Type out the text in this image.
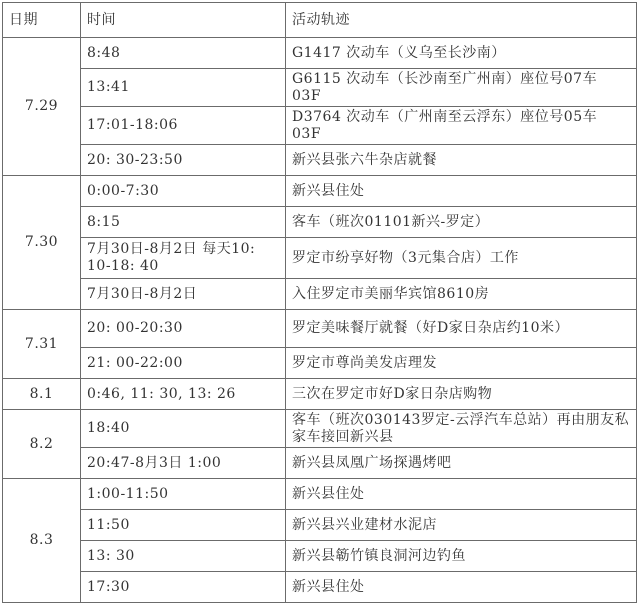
日期	时间	活动轨迹
7.29	8:48	G1417 次动车（义乌至长沙南）
	13:41	G6115 次动车（长沙南至广州南）座位号07车 03F
	17:01-18:06	D3764 次动车（广州南至云浮东）座位号05车 03F
	20: 30-23:50	新兴县张六牛杂店就餐
7.30	0:00-7:30	新兴县住处
	8:15	客车（班次01101新兴-罗定）
	7月30日-8月2日 每天10: 10-18: 40	罗定市纷享好物（3元集合店）工作
	7月30日-8月2日	入住罗定市美丽华宾馆8610房
7.31	20: 00-20:30	罗定美味餐厅就餐（好D家日杂店约10米）
	21: 00-22:00	罗定市尊尚美发店理发
8.1	0:46, 11: 30, 13: 26	三次在罗定市好D家日杂店购物
8.2	18:40	客车（班次030143罗定-云浮汽车总站）再由朋友私家车接回新兴县
	20:47-8月3日 1:00	新兴县凤凰广场探遇烤吧
8.3	1:00-11:50	新兴县住处
	11:50	新兴县兴业建材水泥店
	13: 30	新兴县簕竹镇良洞河边钓鱼
	17:30	新兴县住处
